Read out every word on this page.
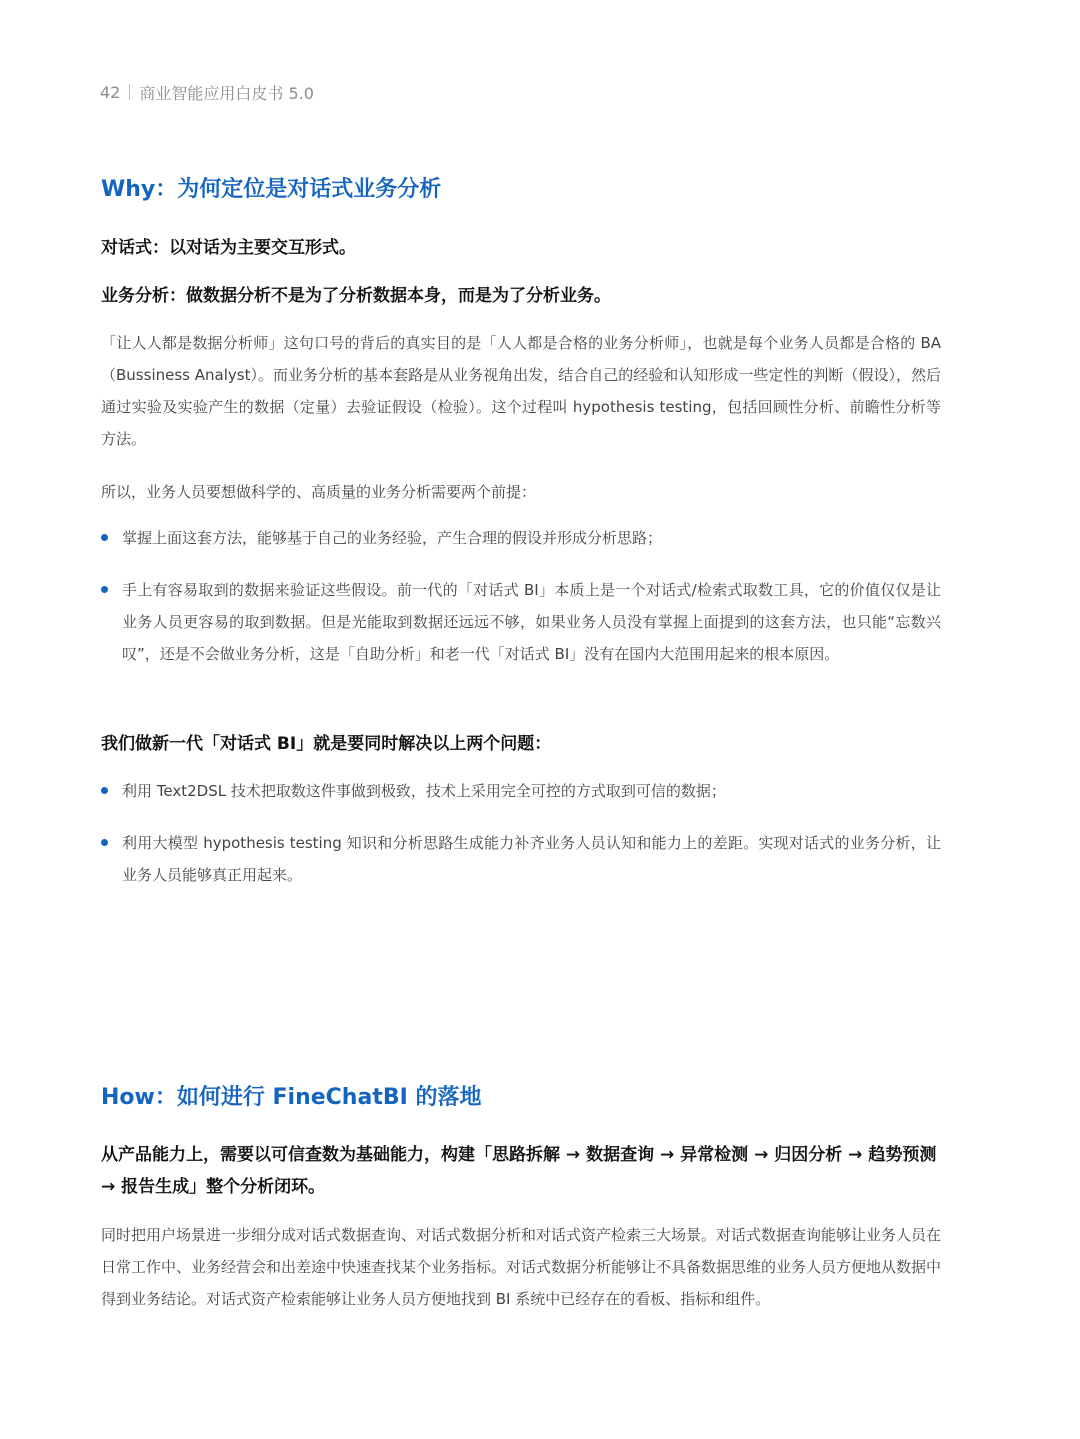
42 商业智能应用白皮书 5.0
Why：为何定位是对话式业务分析
对话式：以对话为主要交互形式。
业务分析：做数据分析不是为了分析数据本身，而是为了分析业务。
「让人人都是数据分析师」这句口号的背后的真实目的是「人人都是合格的业务分析师」，也就是每个业务人员都是合格的 BA（Bussiness Analyst）。而业务分析的基本套路是从业务视角出发，结合自己的经验和认知形成一些定性的判断（假设），然后通过实验及实验产生的数据（定量）去验证假设（检验）。这个过程叫 hypothesis testing，包括回顾性分析、前瞻性分析等方法。
所以，业务人员要想做科学的、高质量的业务分析需要两个前提：
掌握上面这套方法，能够基于自己的业务经验，产生合理的假设并形成分析思路；
手上有容易取到的数据来验证这些假设。前一代的「对话式 BI」本质上是一个对话式/检索式取数工具，它的价值仅仅是让业务人员更容易的取到数据。但是光能取到数据还远远不够，如果业务人员没有掌握上面提到的这套方法，也只能“忘数兴叹”，还是不会做业务分析，这是「自助分析」和老一代「对话式 BI」没有在国内大范围用起来的根本原因。
我们做新一代「对话式 BI」就是要同时解决以上两个问题：
利用 Text2DSL 技术把取数这件事做到极致，技术上采用完全可控的方式取到可信的数据；
利用大模型 hypothesis testing 知识和分析思路生成能力补齐业务人员认知和能力上的差距。实现对话式的业务分析，让业务人员能够真正用起来。
How：如何进行 FineChatBI 的落地
从产品能力上，需要以可信查数为基础能力，构建「思路拆解 → 数据查询 → 异常检测 → 归因分析 → 趋势预测 → 报告生成」整个分析闭环。
同时把用户场景进一步细分成对话式数据查询、对话式数据分析和对话式资产检索三大场景。对话式数据查询能够让业务人员在日常工作中、业务经营会和出差途中快速查找某个业务指标。对话式数据分析能够让不具备数据思维的业务人员方便地从数据中得到业务结论。对话式资产检索能够让业务人员方便地找到 BI 系统中已经存在的看板、指标和组件。
